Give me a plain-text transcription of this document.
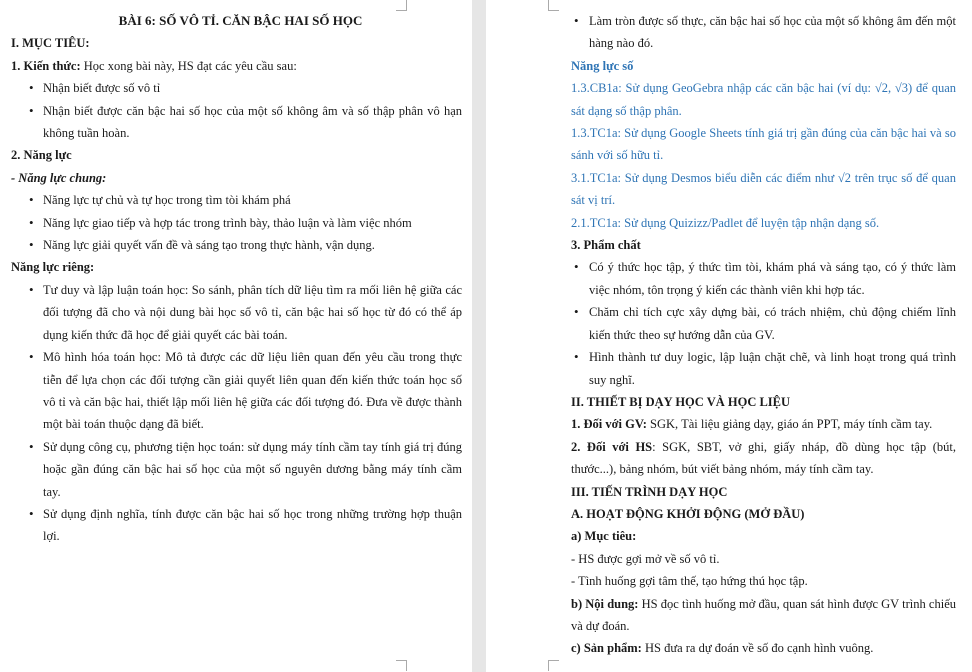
BÀI 6: SỐ VÔ TỈ. CĂN BẬC HAI SỐ HỌC
I. MỤC TIÊU:
1. Kiến thức: Học xong bài này, HS đạt các yêu cầu sau:
• Nhận biết được số vô tỉ
• Nhận biết được căn bậc hai số học của một số không âm và số thập phân vô hạn không tuần hoàn.
2. Năng lực
- Năng lực chung:
• Năng lực tự chủ và tự học trong tìm tòi khám phá
• Năng lực giao tiếp và hợp tác trong trình bày, thảo luận và làm việc nhóm
• Năng lực giải quyết vấn đề và sáng tạo trong thực hành, vận dụng.
Năng lực riêng:
• Tư duy và lập luận toán học: So sánh, phân tích dữ liệu tìm ra mối liên hệ giữa các đối tượng đã cho và nội dung bài học số vô tỉ, căn bậc hai số học từ đó có thể áp dụng kiến thức đã học để giải quyết các bài toán.
• Mô hình hóa toán học: Mô tả được các dữ liệu liên quan đến yêu cầu trong thực tiễn để lựa chọn các đối tượng cần giải quyết liên quan đến kiến thức toán học số vô tỉ và căn bậc hai, thiết lập mối liên hệ giữa các đối tượng đó. Đưa về được thành một bài toán thuộc dạng đã biết.
• Sử dụng công cụ, phương tiện học toán: sử dụng máy tính cầm tay tính giá trị đúng hoặc gần đúng căn bậc hai số học của một số nguyên dương bằng máy tính cầm tay.
• Sử dụng định nghĩa, tính được căn bậc hai số học trong những trường hợp thuận lợi.
• Làm tròn được số thực, căn bậc hai số học của một số không âm đến một hàng nào đó.
Năng lực số
1.3.CB1a: Sử dụng GeoGebra nhập các căn bậc hai (ví dụ: √2, √3) để quan sát dạng số thập phân.
1.3.TC1a: Sử dụng Google Sheets tính giá trị gần đúng của căn bậc hai và so sánh với số hữu tỉ.
3.1.TC1a: Sử dụng Desmos biểu diễn các điểm như √2 trên trục số để quan sát vị trí.
2.1.TC1a: Sử dụng Quizizz/Padlet để luyện tập nhận dạng số.
3. Phẩm chất
• Có ý thức học tập, ý thức tìm tòi, khám phá và sáng tạo, có ý thức làm việc nhóm, tôn trọng ý kiến các thành viên khi hợp tác.
• Chăm chỉ tích cực xây dựng bài, có trách nhiệm, chủ động chiếm lĩnh kiến thức theo sự hướng dẫn của GV.
• Hình thành tư duy logic, lập luận chặt chẽ, và linh hoạt trong quá trình suy nghĩ.
II. THIẾT BỊ DẠY HỌC VÀ HỌC LIỆU
1. Đối với GV: SGK, Tài liệu giảng dạy, giáo án PPT, máy tính cầm tay.
2. Đối với HS: SGK, SBT, vở ghi, giấy nháp, đồ dùng học tập (bút, thước...), bảng nhóm, bút viết bảng nhóm, máy tính cầm tay.
III. TIẾN TRÌNH DẠY HỌC
A. HOẠT ĐỘNG KHỞI ĐỘNG (MỞ ĐẦU)
a) Mục tiêu:
- HS được gợi mở về số vô tỉ.
- Tình huống gợi tâm thế, tạo hứng thú học tập.
b) Nội dung: HS đọc tình huống mở đầu, quan sát hình được GV trình chiếu và dự đoán.
c) Sản phẩm: HS đưa ra dự đoán về số đo cạnh hình vuông.
